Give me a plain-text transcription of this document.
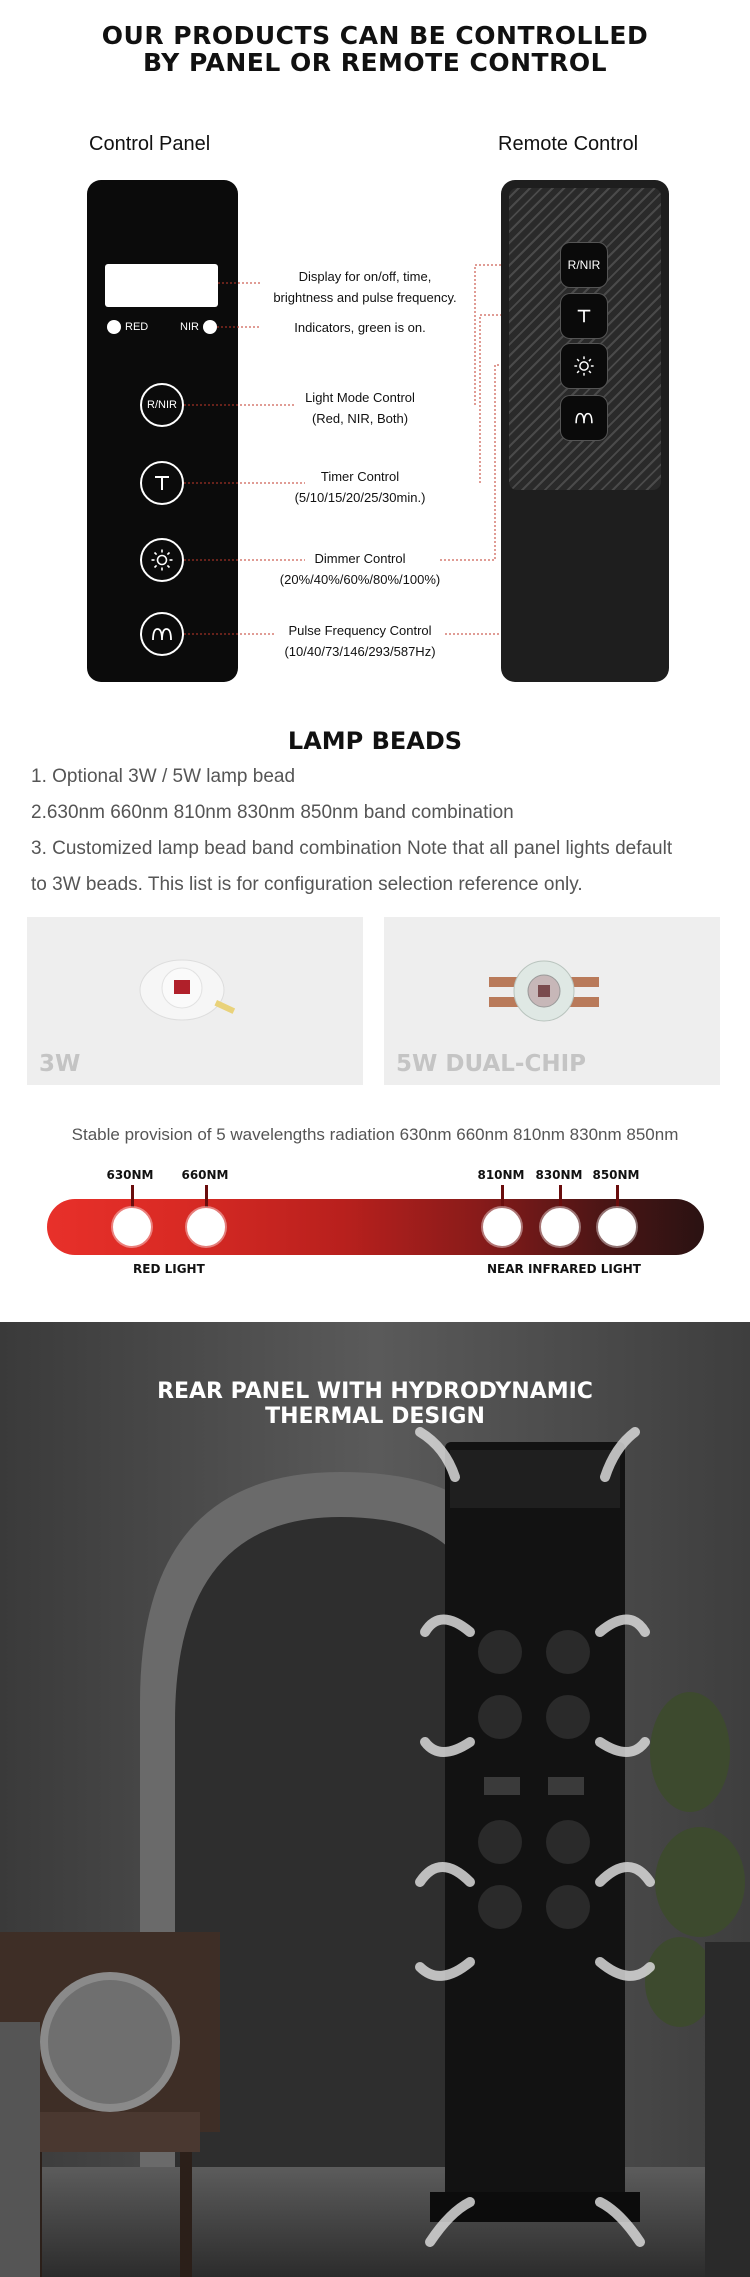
OUR PRODUCTS CAN BE CONTROLLED
BY PANEL OR REMOTE CONTROL
Control Panel	Remote Control
RED	NIR
R/NIR
Display for on/off, time,
brightness and pulse frequency.
Indicators, green is on.
Light Mode Control
(Red, NIR, Both)
Timer Control
(5/10/15/20/25/30min.)
Dimmer Control
(20%/40%/60%/80%/100%)
Pulse Frequency Control
(10/40/73/146/293/587Hz)
R/NIR
LAMP BEADS
1. Optional 3W / 5W lamp bead
2.630nm 660nm 810nm 830nm 850nm band combination
3. Customized lamp bead band combination Note that all panel lights default
to 3W beads. This list is for configuration selection reference only.
3W	5W DUAL-CHIP
Stable provision of 5 wavelengths radiation 630nm 660nm 810nm 830nm 850nm
630NM	660NM	810NM 830NM 850NM
RED LIGHT	NEAR INFRARED LIGHT
REAR PANEL WITH HYDRODYNAMIC
THERMAL DESIGN
